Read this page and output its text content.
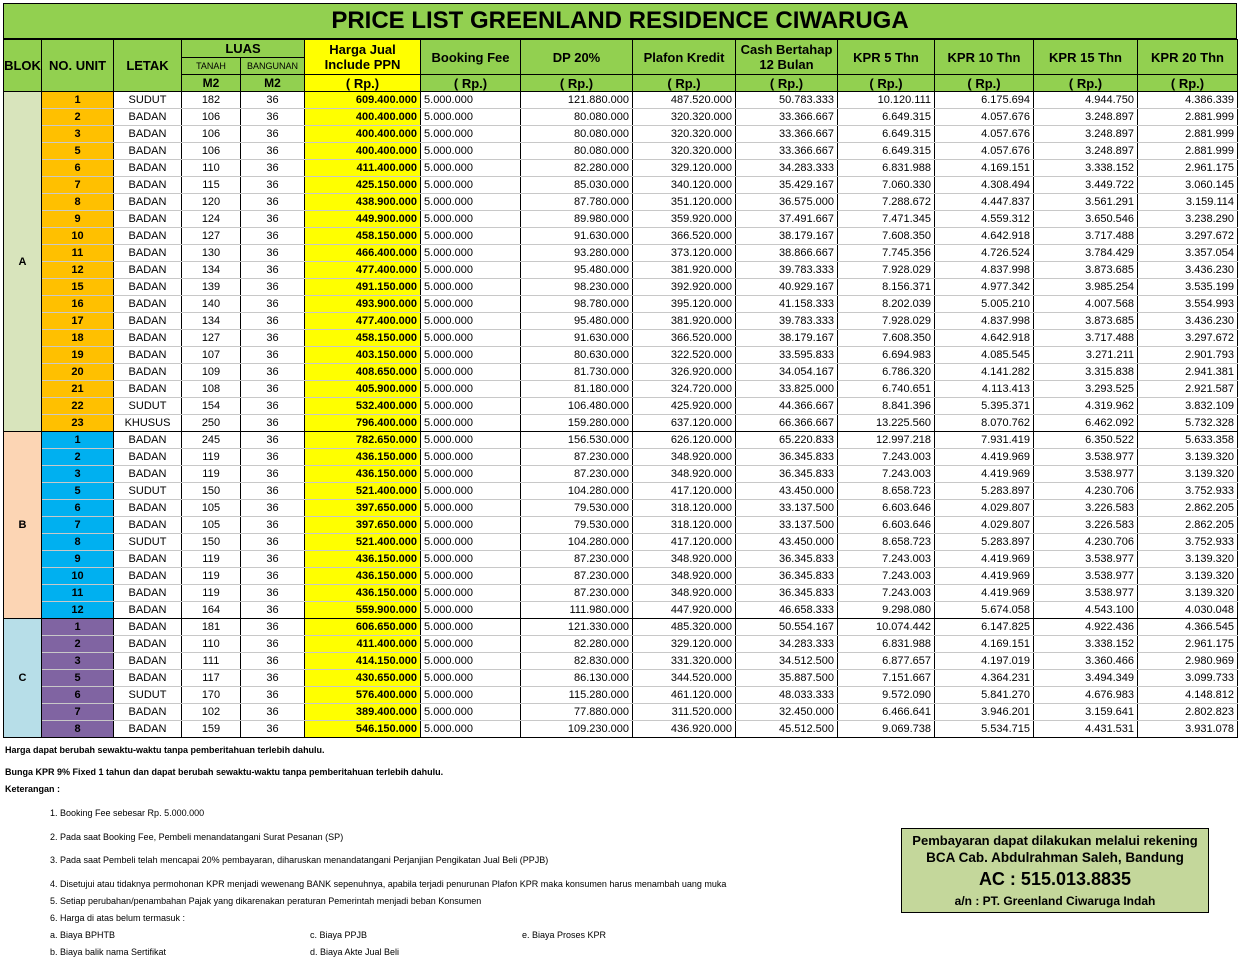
PRICE LIST GREENLAND RESIDENCE CIWARUGA
BLOK	NO. UNIT	LETAK	LUAS		Harga Jual
Include PPN	Booking Fee	DP 20%	Plafon Kredit	Cash Bertahap
12 Bulan	KPR 5 Thn	KPR 10 Thn	KPR 15 Thn	KPR 20 Thn
			TANAH	BANGUNAN									
			M2	M2	( Rp.)	( Rp.)	( Rp.)	( Rp.)	( Rp.)	( Rp.)	( Rp.)	( Rp.)	( Rp.)
A	1	SUDUT	182	36	609.400.000	5.000.000	121.880.000	487.520.000	50.783.333	10.120.111	6.175.694	4.944.750	4.386.339
	2	BADAN	106	36	400.400.000	5.000.000	80.080.000	320.320.000	33.366.667	6.649.315	4.057.676	3.248.897	2.881.999
	3	BADAN	106	36	400.400.000	5.000.000	80.080.000	320.320.000	33.366.667	6.649.315	4.057.676	3.248.897	2.881.999
	5	BADAN	106	36	400.400.000	5.000.000	80.080.000	320.320.000	33.366.667	6.649.315	4.057.676	3.248.897	2.881.999
	6	BADAN	110	36	411.400.000	5.000.000	82.280.000	329.120.000	34.283.333	6.831.988	4.169.151	3.338.152	2.961.175
	7	BADAN	115	36	425.150.000	5.000.000	85.030.000	340.120.000	35.429.167	7.060.330	4.308.494	3.449.722	3.060.145
	8	BADAN	120	36	438.900.000	5.000.000	87.780.000	351.120.000	36.575.000	7.288.672	4.447.837	3.561.291	3.159.114
	9	BADAN	124	36	449.900.000	5.000.000	89.980.000	359.920.000	37.491.667	7.471.345	4.559.312	3.650.546	3.238.290
	10	BADAN	127	36	458.150.000	5.000.000	91.630.000	366.520.000	38.179.167	7.608.350	4.642.918	3.717.488	3.297.672
	11	BADAN	130	36	466.400.000	5.000.000	93.280.000	373.120.000	38.866.667	7.745.356	4.726.524	3.784.429	3.357.054
	12	BADAN	134	36	477.400.000	5.000.000	95.480.000	381.920.000	39.783.333	7.928.029	4.837.998	3.873.685	3.436.230
	15	BADAN	139	36	491.150.000	5.000.000	98.230.000	392.920.000	40.929.167	8.156.371	4.977.342	3.985.254	3.535.199
	16	BADAN	140	36	493.900.000	5.000.000	98.780.000	395.120.000	41.158.333	8.202.039	5.005.210	4.007.568	3.554.993
	17	BADAN	134	36	477.400.000	5.000.000	95.480.000	381.920.000	39.783.333	7.928.029	4.837.998	3.873.685	3.436.230
	18	BADAN	127	36	458.150.000	5.000.000	91.630.000	366.520.000	38.179.167	7.608.350	4.642.918	3.717.488	3.297.672
	19	BADAN	107	36	403.150.000	5.000.000	80.630.000	322.520.000	33.595.833	6.694.983	4.085.545	3.271.211	2.901.793
	20	BADAN	109	36	408.650.000	5.000.000	81.730.000	326.920.000	34.054.167	6.786.320	4.141.282	3.315.838	2.941.381
	21	BADAN	108	36	405.900.000	5.000.000	81.180.000	324.720.000	33.825.000	6.740.651	4.113.413	3.293.525	2.921.587
	22	SUDUT	154	36	532.400.000	5.000.000	106.480.000	425.920.000	44.366.667	8.841.396	5.395.371	4.319.962	3.832.109
	23	KHUSUS	250	36	796.400.000	5.000.000	159.280.000	637.120.000	66.366.667	13.225.560	8.070.762	6.462.092	5.732.328
B	1	BADAN	245	36	782.650.000	5.000.000	156.530.000	626.120.000	65.220.833	12.997.218	7.931.419	6.350.522	5.633.358
	2	BADAN	119	36	436.150.000	5.000.000	87.230.000	348.920.000	36.345.833	7.243.003	4.419.969	3.538.977	3.139.320
	3	BADAN	119	36	436.150.000	5.000.000	87.230.000	348.920.000	36.345.833	7.243.003	4.419.969	3.538.977	3.139.320
	5	SUDUT	150	36	521.400.000	5.000.000	104.280.000	417.120.000	43.450.000	8.658.723	5.283.897	4.230.706	3.752.933
	6	BADAN	105	36	397.650.000	5.000.000	79.530.000	318.120.000	33.137.500	6.603.646	4.029.807	3.226.583	2.862.205
	7	BADAN	105	36	397.650.000	5.000.000	79.530.000	318.120.000	33.137.500	6.603.646	4.029.807	3.226.583	2.862.205
	8	SUDUT	150	36	521.400.000	5.000.000	104.280.000	417.120.000	43.450.000	8.658.723	5.283.897	4.230.706	3.752.933
	9	BADAN	119	36	436.150.000	5.000.000	87.230.000	348.920.000	36.345.833	7.243.003	4.419.969	3.538.977	3.139.320
	10	BADAN	119	36	436.150.000	5.000.000	87.230.000	348.920.000	36.345.833	7.243.003	4.419.969	3.538.977	3.139.320
	11	BADAN	119	36	436.150.000	5.000.000	87.230.000	348.920.000	36.345.833	7.243.003	4.419.969	3.538.977	3.139.320
	12	BADAN	164	36	559.900.000	5.000.000	111.980.000	447.920.000	46.658.333	9.298.080	5.674.058	4.543.100	4.030.048
C	1	BADAN	181	36	606.650.000	5.000.000	121.330.000	485.320.000	50.554.167	10.074.442	6.147.825	4.922.436	4.366.545
	2	BADAN	110	36	411.400.000	5.000.000	82.280.000	329.120.000	34.283.333	6.831.988	4.169.151	3.338.152	2.961.175
	3	BADAN	111	36	414.150.000	5.000.000	82.830.000	331.320.000	34.512.500	6.877.657	4.197.019	3.360.466	2.980.969
	5	BADAN	117	36	430.650.000	5.000.000	86.130.000	344.520.000	35.887.500	7.151.667	4.364.231	3.494.349	3.099.733
	6	SUDUT	170	36	576.400.000	5.000.000	115.280.000	461.120.000	48.033.333	9.572.090	5.841.270	4.676.983	4.148.812
	7	BADAN	102	36	389.400.000	5.000.000	77.880.000	311.520.000	32.450.000	6.466.641	3.946.201	3.159.641	2.802.823
	8	BADAN	159	36	546.150.000	5.000.000	109.230.000	436.920.000	45.512.500	9.069.738	5.534.715	4.431.531	3.931.078
Harga dapat berubah sewaktu-waktu tanpa pemberitahuan terlebih dahulu.
Bunga KPR 9% Fixed 1 tahun dan dapat berubah sewaktu-waktu tanpa pemberitahuan terlebih dahulu.
Keterangan :
1. Booking Fee sebesar Rp. 5.000.000
2. Pada saat Booking Fee, Pembeli menandatangani Surat Pesanan (SP)
3. Pada saat Pembeli telah mencapai 20% pembayaran, diharuskan menandatangani Perjanjian Pengikatan Jual Beli (PPJB)
4. Disetujui atau tidaknya permohonan KPR menjadi wewenang BANK sepenuhnya, apabila terjadi penurunan Plafon KPR maka konsumen harus menambah uang muka
5. Setiap perubahan/penambahan Pajak yang dikarenakan peraturan Pemerintah menjadi beban Konsumen
6. Harga di atas belum termasuk :
a. Biaya BPHTB
b. Biaya balik nama Sertifikat
c. Biaya PPJB
d. Biaya Akte Jual Beli
e. Biaya Proses KPR
Pembayaran dapat dilakukan melalui rekening
BCA Cab. Abdulrahman Saleh, Bandung
AC : 515.013.8835
a/n : PT. Greenland Ciwaruga Indah
